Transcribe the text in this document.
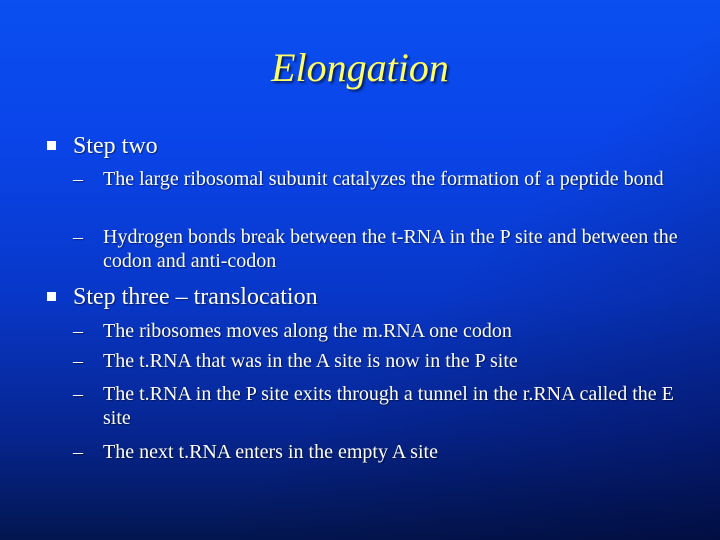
Elongation
Step two
–	The large ribosomal subunit catalyzes the formation of a peptide bond
–	Hydrogen bonds break between the t-RNA in the P site and between the codon and anti-codon
Step three – translocation
–	The ribosomes moves along the m.RNA one codon
–	The t.RNA that was in the A site is now in the P site
–	The t.RNA in the P site exits through a tunnel in the r.RNA called the E site
–	The next t.RNA enters in the empty A site
